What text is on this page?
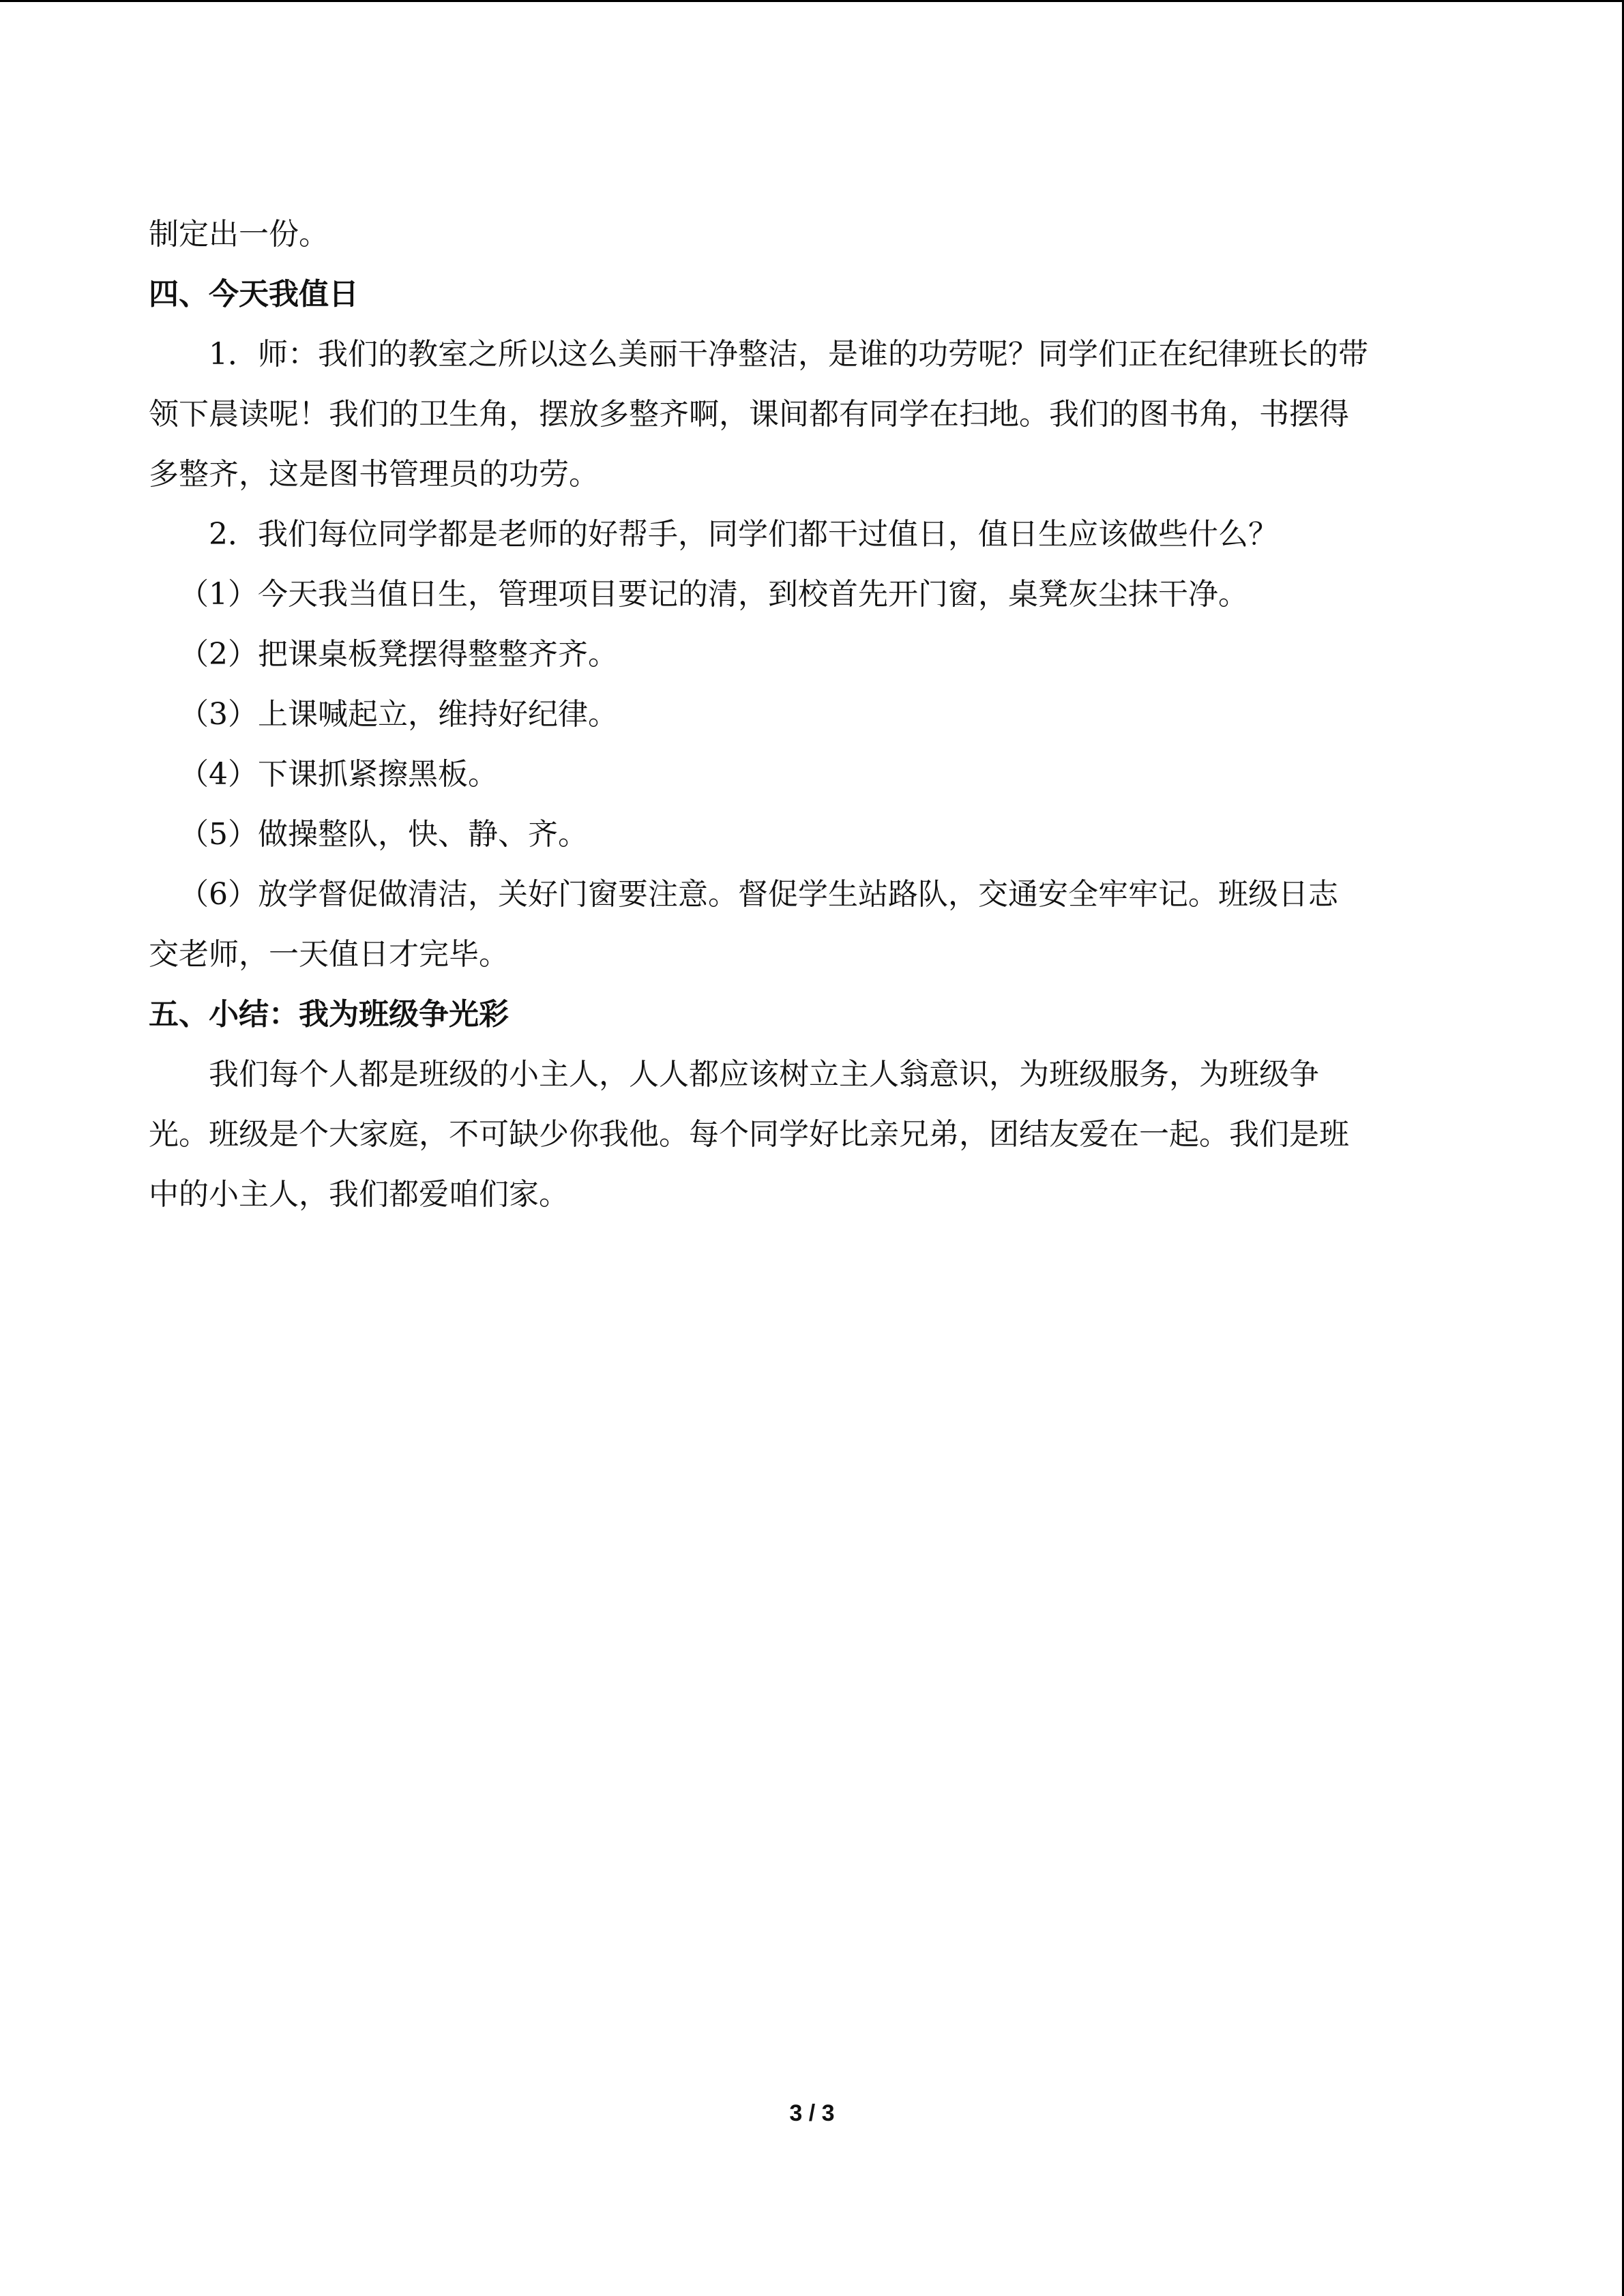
制定出一份。

四、今天我值日

1．师：我们的教室之所以这么美丽干净整洁，是谁的功劳呢？同学们正在纪律班长的带

领下晨读呢！我们的卫生角，摆放多整齐啊，课间都有同学在扫地。我们的图书角，书摆得

多整齐，这是图书管理员的功劳。

2．我们每位同学都是老师的好帮手，同学们都干过值日，值日生应该做些什么？

（1）今天我当值日生，管理项目要记的清，到校首先开门窗，桌凳灰尘抹干净。

（2）把课桌板凳摆得整整齐齐。

（3）上课喊起立，维持好纪律。

（4）下课抓紧擦黑板。

（5）做操整队，快、静、齐。

（6）放学督促做清洁，关好门窗要注意。督促学生站路队，交通安全牢牢记。班级日志

交老师，一天值日才完毕。

五、小结：我为班级争光彩

我们每个人都是班级的小主人，人人都应该树立主人翁意识，为班级服务，为班级争

光。班级是个大家庭，不可缺少你我他。每个同学好比亲兄弟，团结友爱在一起。我们是班

中的小主人，我们都爱咱们家。

3 / 3
